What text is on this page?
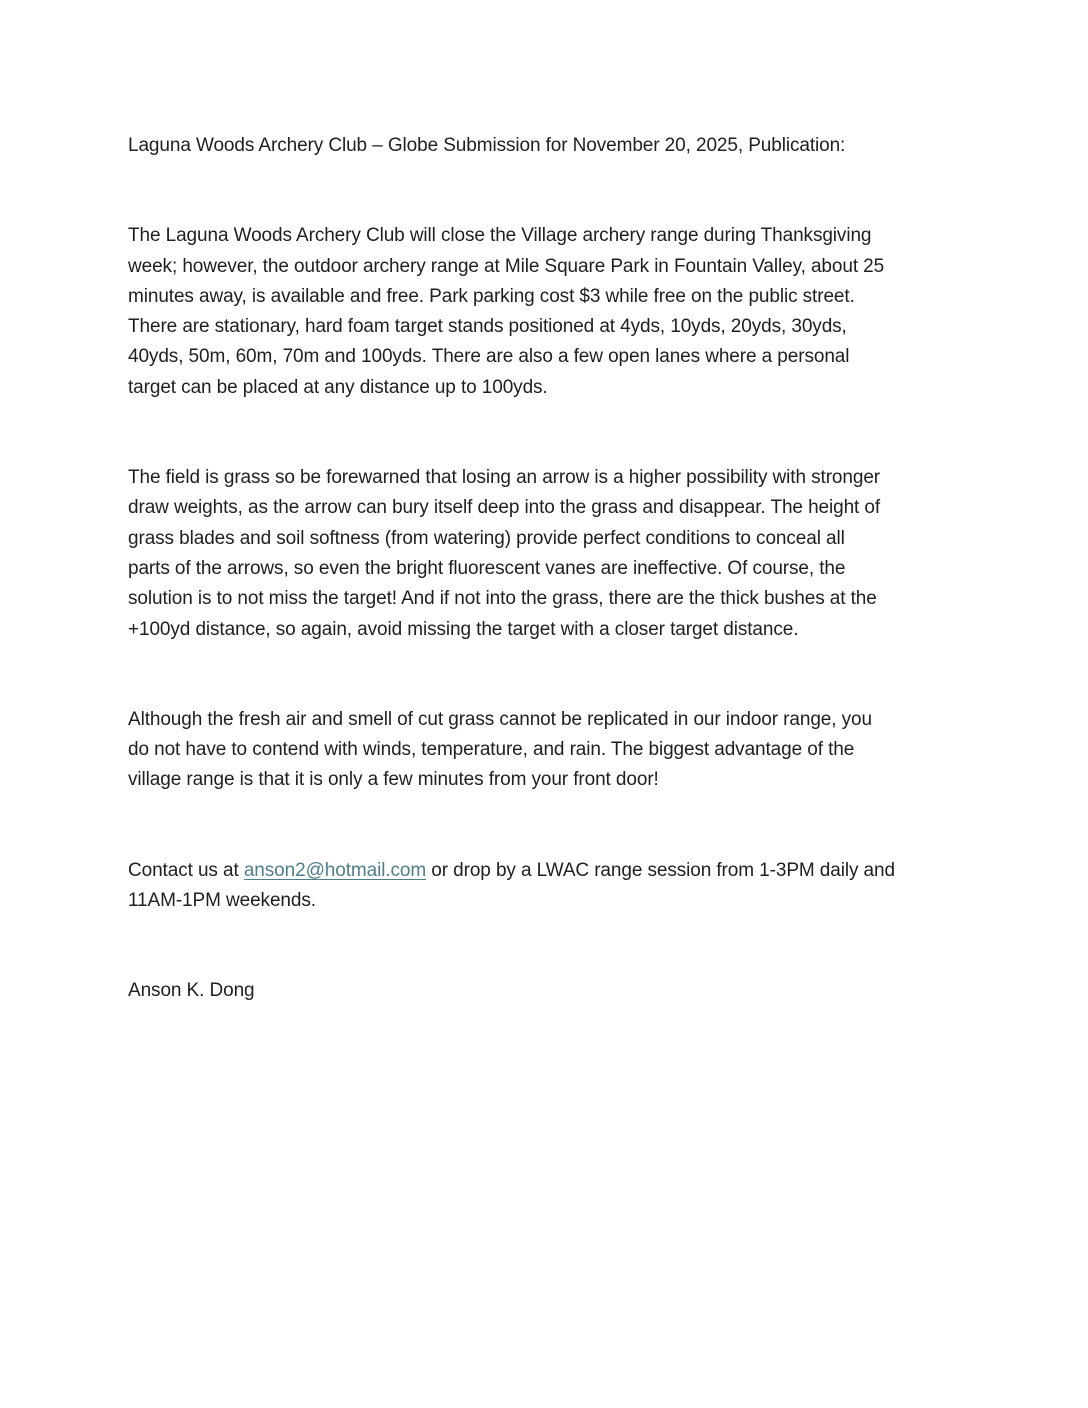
Laguna Woods Archery Club – Globe Submission for November 20, 2025, Publication:
The Laguna Woods Archery Club will close the Village archery range during Thanksgiving
week; however, the outdoor archery range at Mile Square Park in Fountain Valley, about 25
minutes away, is available and free. Park parking cost $3 while free on the public street.
There are stationary, hard foam target stands positioned at 4yds, 10yds, 20yds, 30yds,
40yds, 50m, 60m, 70m and 100yds. There are also a few open lanes where a personal
target can be placed at any distance up to 100yds.
The field is grass so be forewarned that losing an arrow is a higher possibility with stronger
draw weights, as the arrow can bury itself deep into the grass and disappear. The height of
grass blades and soil softness (from watering) provide perfect conditions to conceal all
parts of the arrows, so even the bright fluorescent vanes are ineffective. Of course, the
solution is to not miss the target! And if not into the grass, there are the thick bushes at the
+100yd distance, so again, avoid missing the target with a closer target distance.
Although the fresh air and smell of cut grass cannot be replicated in our indoor range, you
do not have to contend with winds, temperature, and rain. The biggest advantage of the
village range is that it is only a few minutes from your front door!
Contact us at anson2@hotmail.com or drop by a LWAC range session from 1-3PM daily and
11AM-1PM weekends.
Anson K. Dong
